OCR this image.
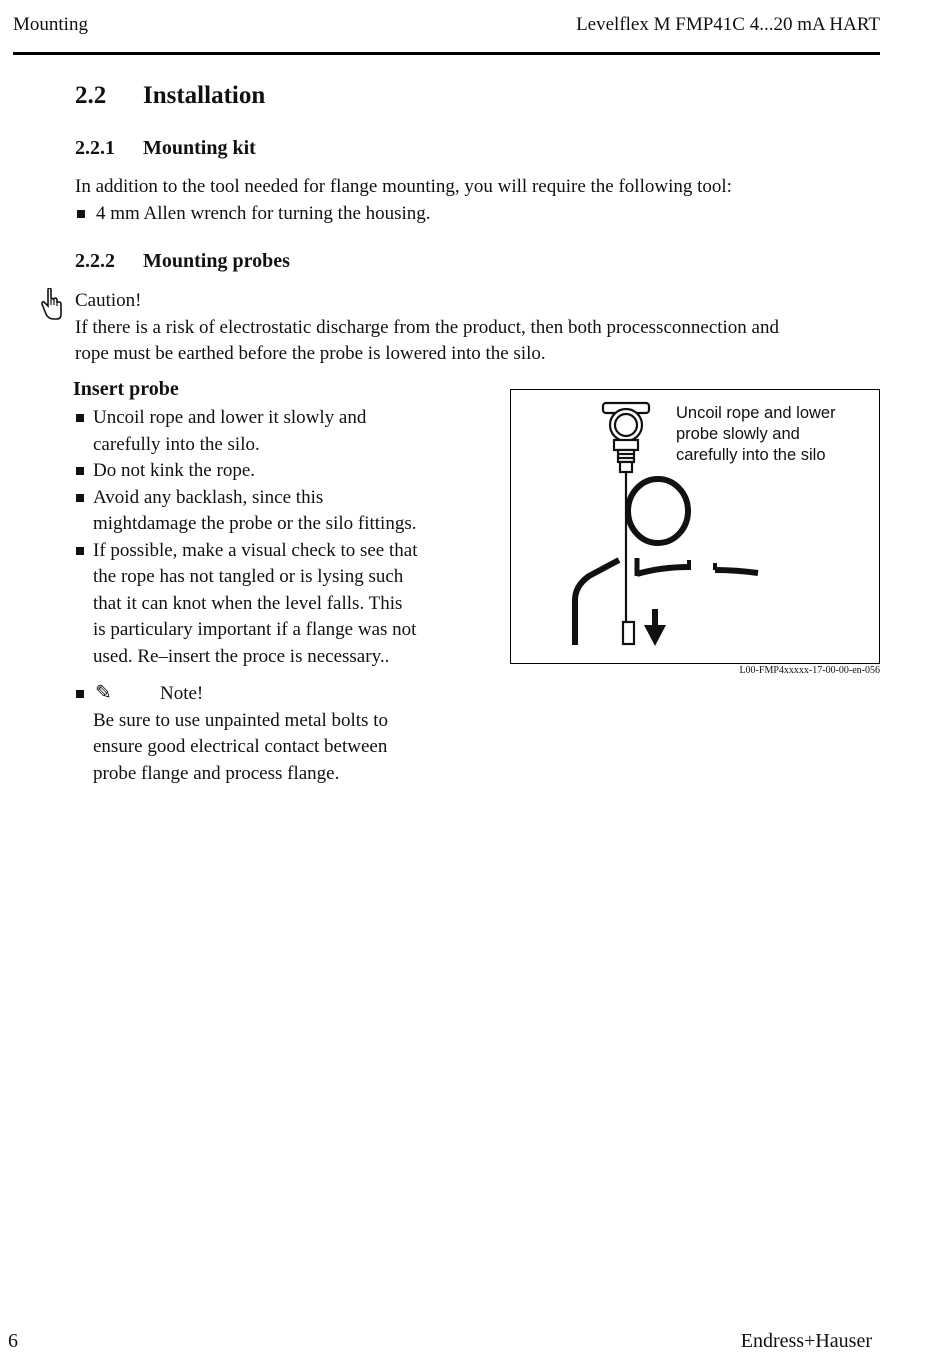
Mounting	Levelflex M FMP41C 4...20 mA HART
2.2 Installation
2.2.1 Mounting kit
In addition to the tool needed for flange mounting, you will require the following tool:
4 mm Allen wrench for turning the housing.
2.2.2 Mounting probes
Caution!
If there is a risk of electrostatic discharge from the product, then both processconnection and
rope must be earthed before the probe is lowered into the silo.
Insert probe
Uncoil rope and lower it slowly and
carefully into the silo.
Do not kink the rope.
Avoid any backlash, since this
mightdamage the probe or the silo fittings.
If possible, make a visual check to see that
the rope has not tangled or is lysing such
that it can knot when the level falls. This
is particulary important if a flange was not
used. Re–insert the proce is necessary..
✎	Note!
Be sure to use unpainted metal bolts to
ensure good electrical contact between
probe flange and process flange.
Uncoil rope and lower
probe slowly and
carefully into the silo
L00-FMP4xxxxx-17-00-00-en-056
6	Endress+Hauser
